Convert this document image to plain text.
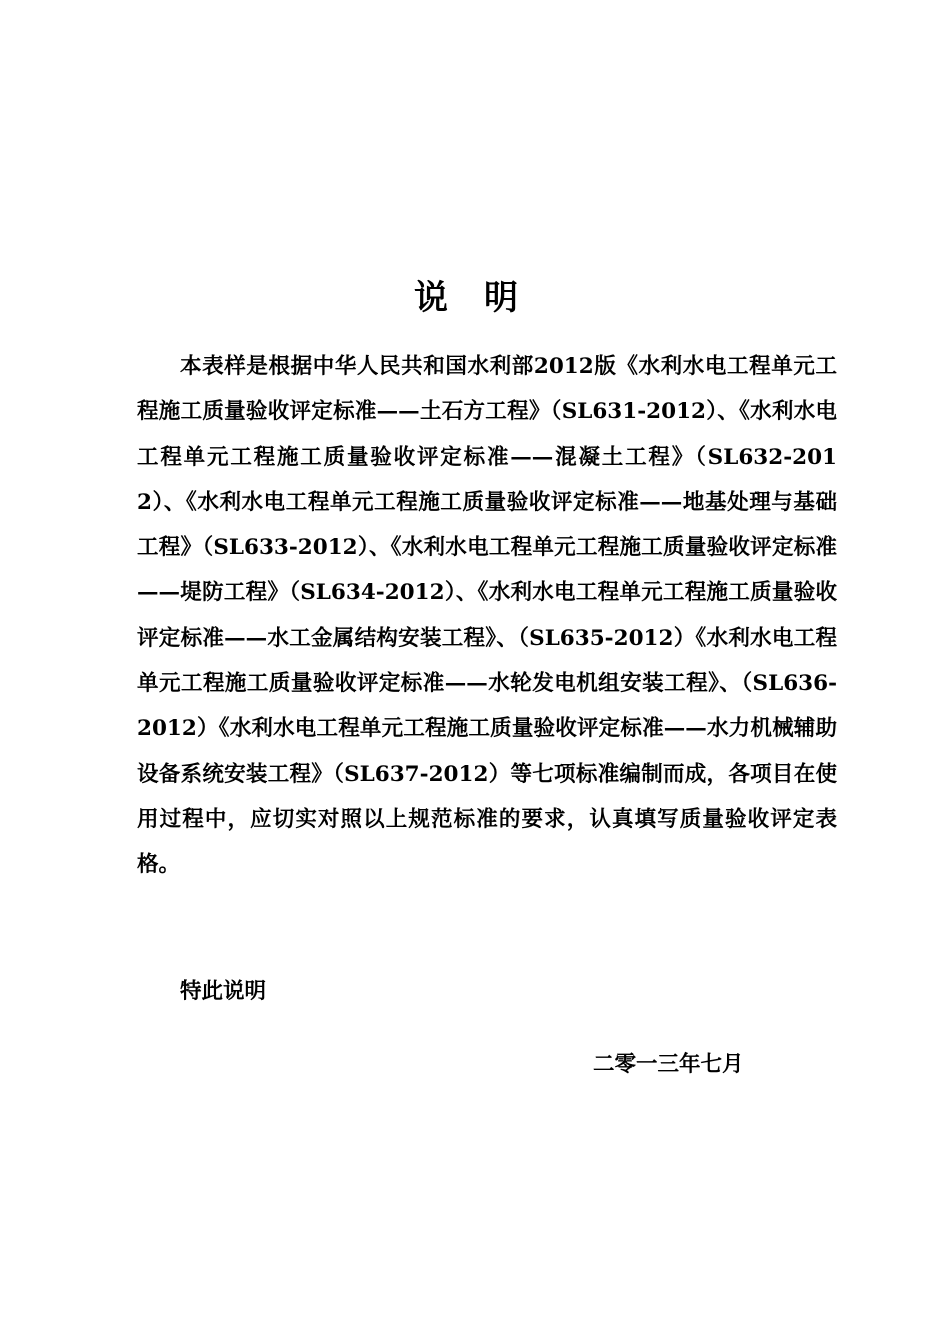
说明

本表样是根据中华人民共和国水利部2012版《水利水电工程单元工程施工质量验收评定标准——土石方工程》（SL631-2012）、《水利水电工程单元工程施工质量验收评定标准——混凝土工程》（SL632-2012）、《水利水电工程单元工程施工质量验收评定标准——地基处理与基础工程》（SL633-2012）、《水利水电工程单元工程施工质量验收评定标准——堤防工程》（SL634-2012）、《水利水电工程单元工程施工质量验收评定标准——水工金属结构安装工程》、（SL635-2012）《水利水电工程单元工程施工质量验收评定标准——水轮发电机组安装工程》、（SL636-2012）《水利水电工程单元工程施工质量验收评定标准——水力机械辅助设备系统安装工程》（SL637-2012）等七项标准编制而成，各项目在使用过程中，应切实对照以上规范标准的要求，认真填写质量验收评定表格。

特此说明
二零一三年七月
